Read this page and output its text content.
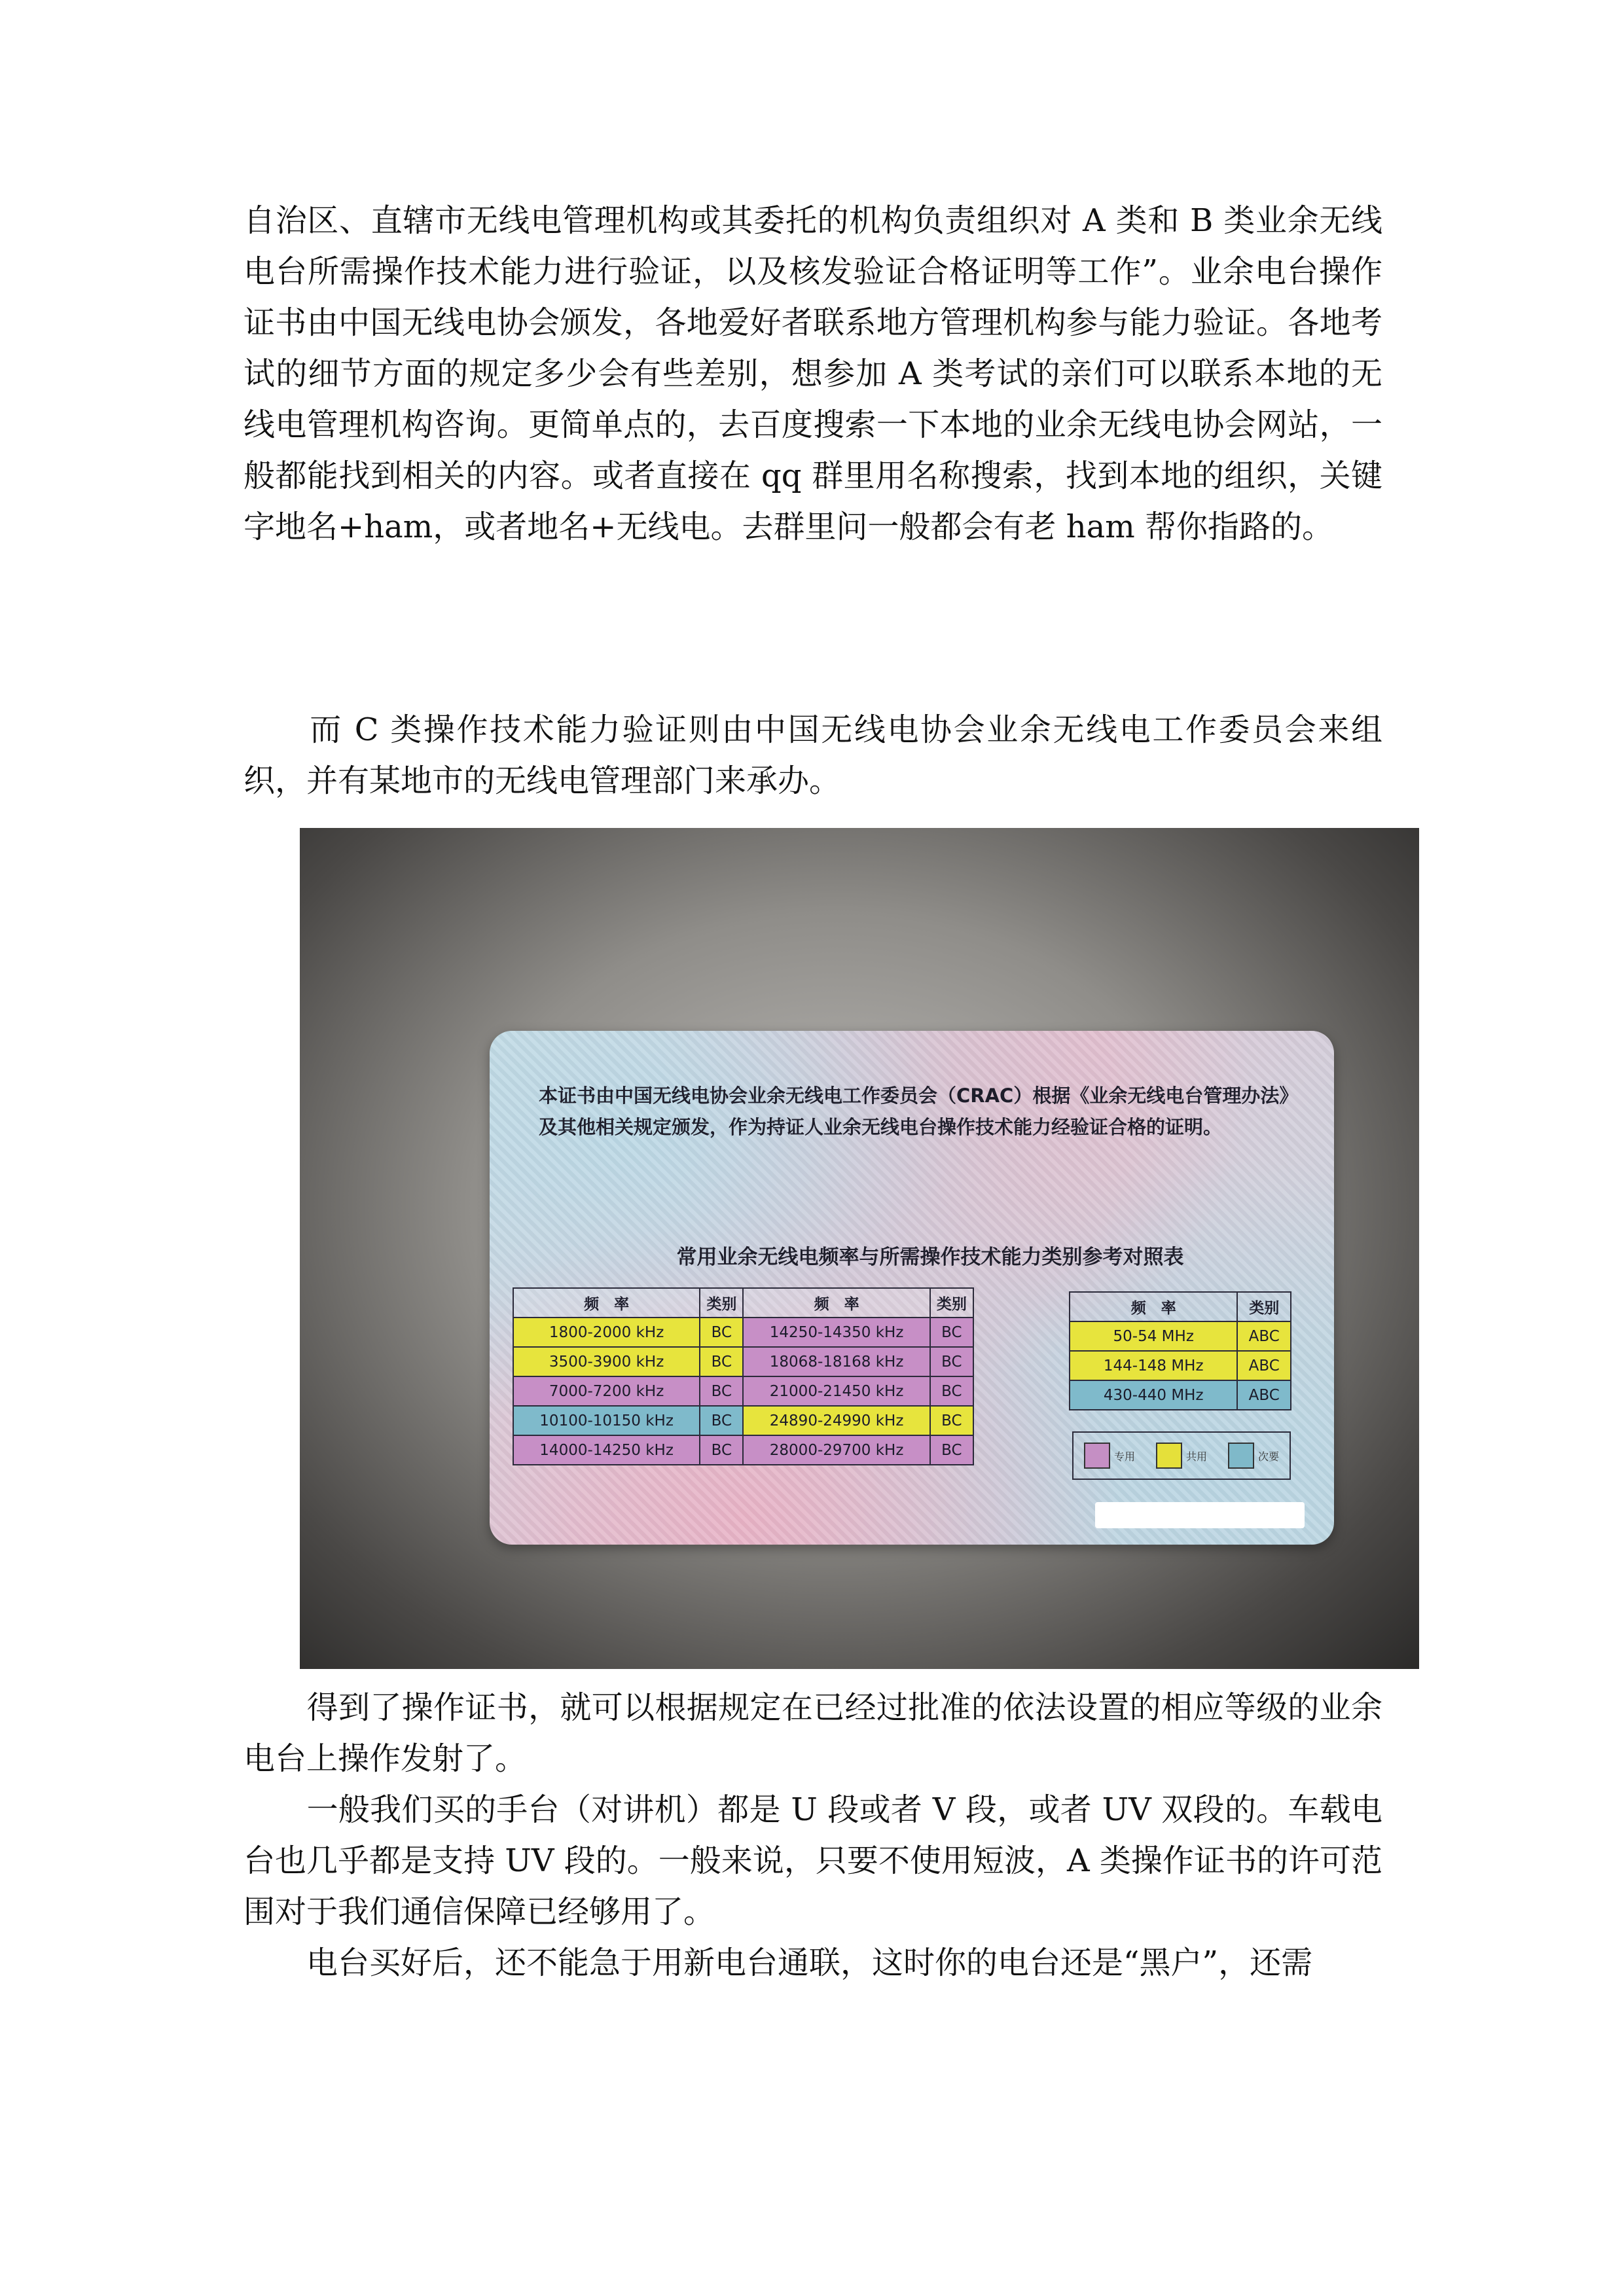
自治区、直辖市无线电管理机构或其委托的机构负责组织对 A 类和 B 类业余无线电台所需操作技术能力进行验证，以及核发验证合格证明等工作”。业余电台操作证书由中国无线电协会颁发，各地爱好者联系地方管理机构参与能力验证。各地考试的细节方面的规定多少会有些差别，想参加 A 类考试的亲们可以联系本地的无线电管理机构咨询。更简单点的，去百度搜索一下本地的业余无线电协会网站，一般都能找到相关的内容。或者直接在 qq 群里用名称搜索，找到本地的组织，关键字地名+ham，或者地名+无线电。去群里问一般都会有老 ham 帮你指路的。

　　而 C 类操作技术能力验证则由中国无线电协会业余无线电工作委员会来组织，并有某地市的无线电管理部门来承办。

本证书由中国无线电协会业余无线电工作委员会（CRAC）根据《业余无线电台管理办法》及其他相关规定颁发，作为持证人业余无线电台操作技术能力经验证合格的证明。

常用业余无线电频率与所需操作技术能力类别参考对照表

频　率	类别	频　率	类别
1800-2000 kHz	BC	14250-14350 kHz	BC
3500-3900 kHz	BC	18068-18168 kHz	BC
7000-7200 kHz	BC	21000-21450 kHz	BC
10100-10150 kHz	BC	24890-24990 kHz	BC
14000-14250 kHz	BC	28000-29700 kHz	BC
频　率	类别
50-54 MHz	ABC
144-148 MHz	ABC
430-440 MHz	ABC
专用	共用	次要

　　得到了操作证书，就可以根据规定在已经过批准的依法设置的相应等级的业余电台上操作发射了。

　　一般我们买的手台（对讲机）都是 U 段或者 V 段，或者 UV 双段的。车载电台也几乎都是支持 UV 段的。一般来说，只要不使用短波，A 类操作证书的许可范围对于我们通信保障已经够用了。

　　电台买好后，还不能急于用新电台通联，这时你的电台还是“黑户”，还需
